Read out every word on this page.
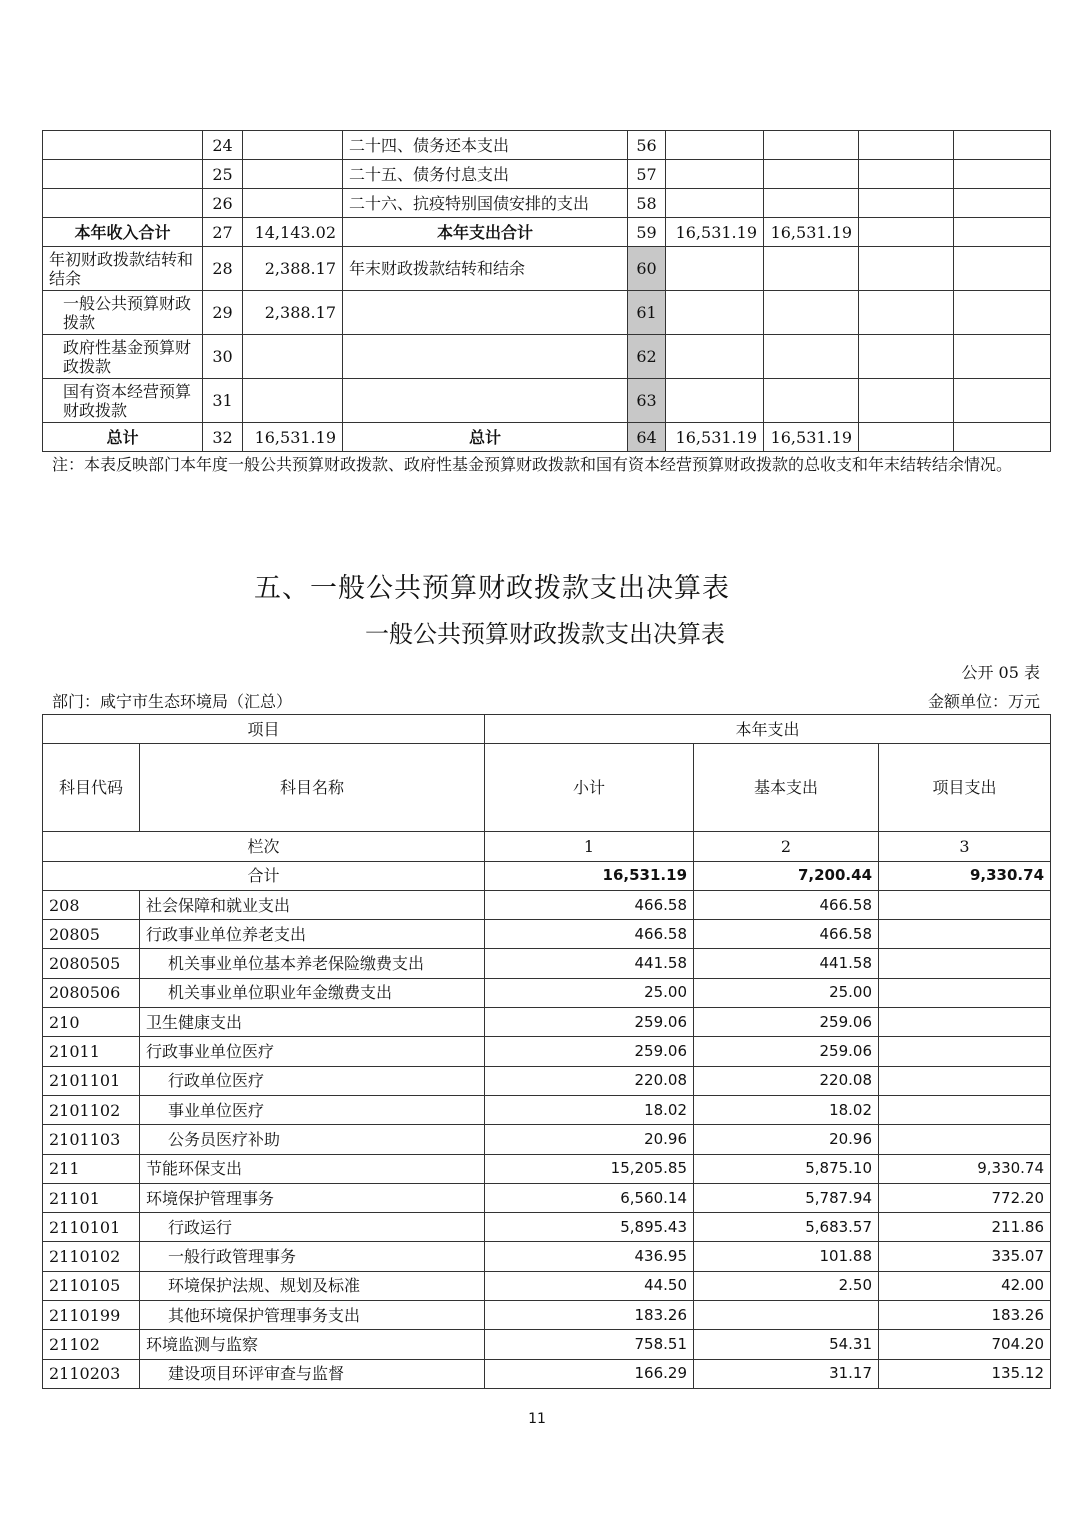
	24		二十四、债务还本支出	56				
	25		二十五、债务付息支出	57				
	26		二十六、抗疫特别国债安排的支出	58				
本年收入合计	27	14,143.02	本年支出合计	59	16,531.19	16,531.19		
年初财政拨款结转和结余	28	2,388.17	年末财政拨款结转和结余	60				
一般公共预算财政拨款	29	2,388.17		61				
政府性基金预算财政拨款	30			62				
国有资本经营预算财政拨款	31			63				
总计	32	16,531.19	总计	64	16,531.19	16,531.19		
注：本表反映部门本年度一般公共预算财政拨款、政府性基金预算财政拨款和国有资本经营预算财政拨款的总收支和年末结转结余情况。
五、一般公共预算财政拨款支出决算表
一般公共预算财政拨款支出决算表
公开 05 表
部门：咸宁市生态环境局（汇总）	金额单位：万元
项目		本年支出		
科目代码	科目名称	小计	基本支出	项目支出
栏次		1	2	3
合计		16,531.19	7,200.44	9,330.74
208	社会保障和就业支出	466.58	466.58	
20805	行政事业单位养老支出	466.58	466.58	
2080505	机关事业单位基本养老保险缴费支出	441.58	441.58	
2080506	机关事业单位职业年金缴费支出	25.00	25.00	
210	卫生健康支出	259.06	259.06	
21011	行政事业单位医疗	259.06	259.06	
2101101	行政单位医疗	220.08	220.08	
2101102	事业单位医疗	18.02	18.02	
2101103	公务员医疗补助	20.96	20.96	
211	节能环保支出	15,205.85	5,875.10	9,330.74
21101	环境保护管理事务	6,560.14	5,787.94	772.20
2110101	行政运行	5,895.43	5,683.57	211.86
2110102	一般行政管理事务	436.95	101.88	335.07
2110105	环境保护法规、规划及标准	44.50	2.50	42.00
2110199	其他环境保护管理事务支出	183.26		183.26
21102	环境监测与监察	758.51	54.31	704.20
2110203	建设项目环评审查与监督	166.29	31.17	135.12
11
